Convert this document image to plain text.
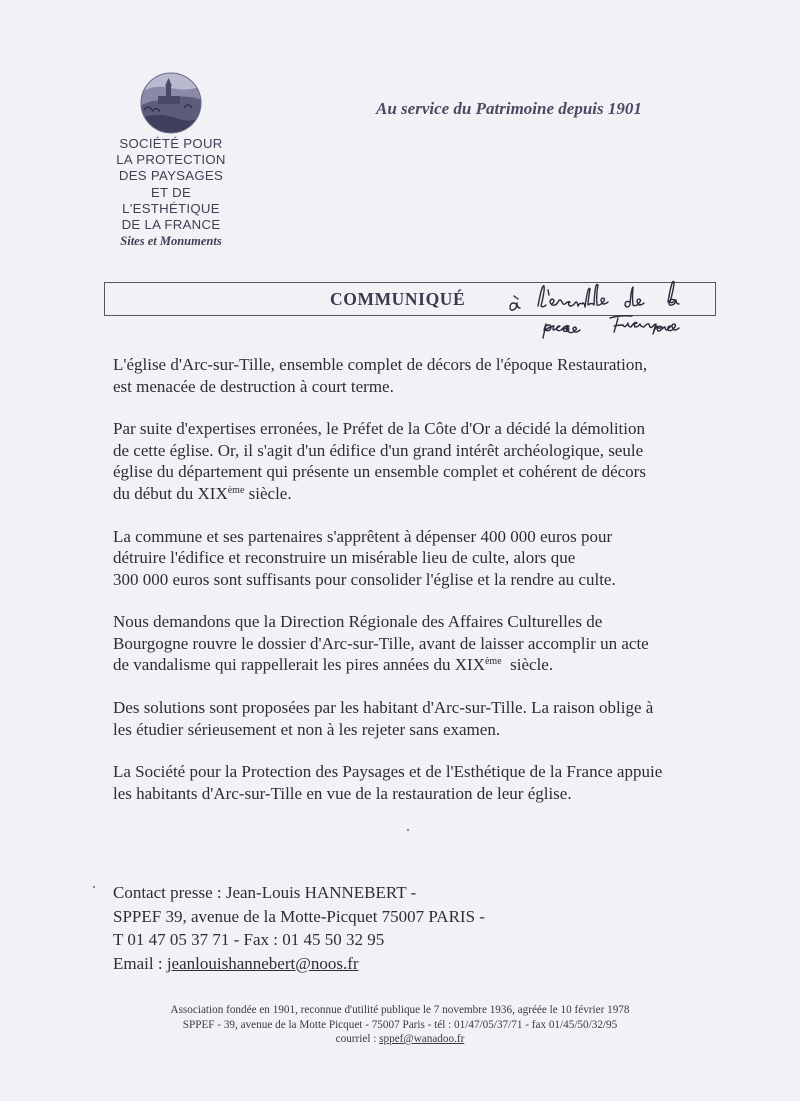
SOCIÉTÉ POUR
LA PROTECTION
DES PAYSAGES
ET DE
L'ESTHÉTIQUE
DE LA FRANCE
Sites et Monuments
Au service du Patrimoine depuis 1901
COMMUNIQUÉ

L'église d'Arc-sur-Tille, ensemble complet de décors de l'époque Restauration,
est menacée de destruction à court terme.

Par suite d'expertises erronées, le Préfet de la Côte d'Or a décidé la démolition
de cette église. Or, il s'agit d'un édifice d'un grand intérêt archéologique, seule
église du département qui présente un ensemble complet et cohérent de décors
du début du XIXème siècle.

La commune et ses partenaires s'apprêtent à dépenser 400 000 euros pour
détruire l'édifice et reconstruire un misérable lieu de culte, alors que
300 000 euros sont suffisants pour consolider l'église et la rendre au culte.

Nous demandons que la Direction Régionale des Affaires Culturelles de
Bourgogne rouvre le dossier d'Arc-sur-Tille, avant de laisser accomplir un acte
de vandalisme qui rappellerait les pires années du XIXème  siècle.

Des solutions sont proposées par les habitant d'Arc-sur-Tille. La raison oblige à
les étudier sérieusement et non à les rejeter sans examen.

La Société pour la Protection des Paysages et de l'Esthétique de la France appuie
les habitants d'Arc-sur-Tille en vue de la restauration de leur église.

Contact presse : Jean-Louis HANNEBERT -
SPPEF 39, avenue de la Motte-Picquet 75007 PARIS -
T 01 47 05 37 71 - Fax : 01 45 50 32 95
Email : jeanlouishannebert@noos.fr
Association fondée en 1901, reconnue d'utilité publique le 7 novembre 1936, agréée le 10 février 1978
SPPEF - 39, avenue de la Motte Picquet - 75007 Paris - tél : 01/47/05/37/71 - fax 01/45/50/32/95
courriel : sppef@wanadoo.fr
